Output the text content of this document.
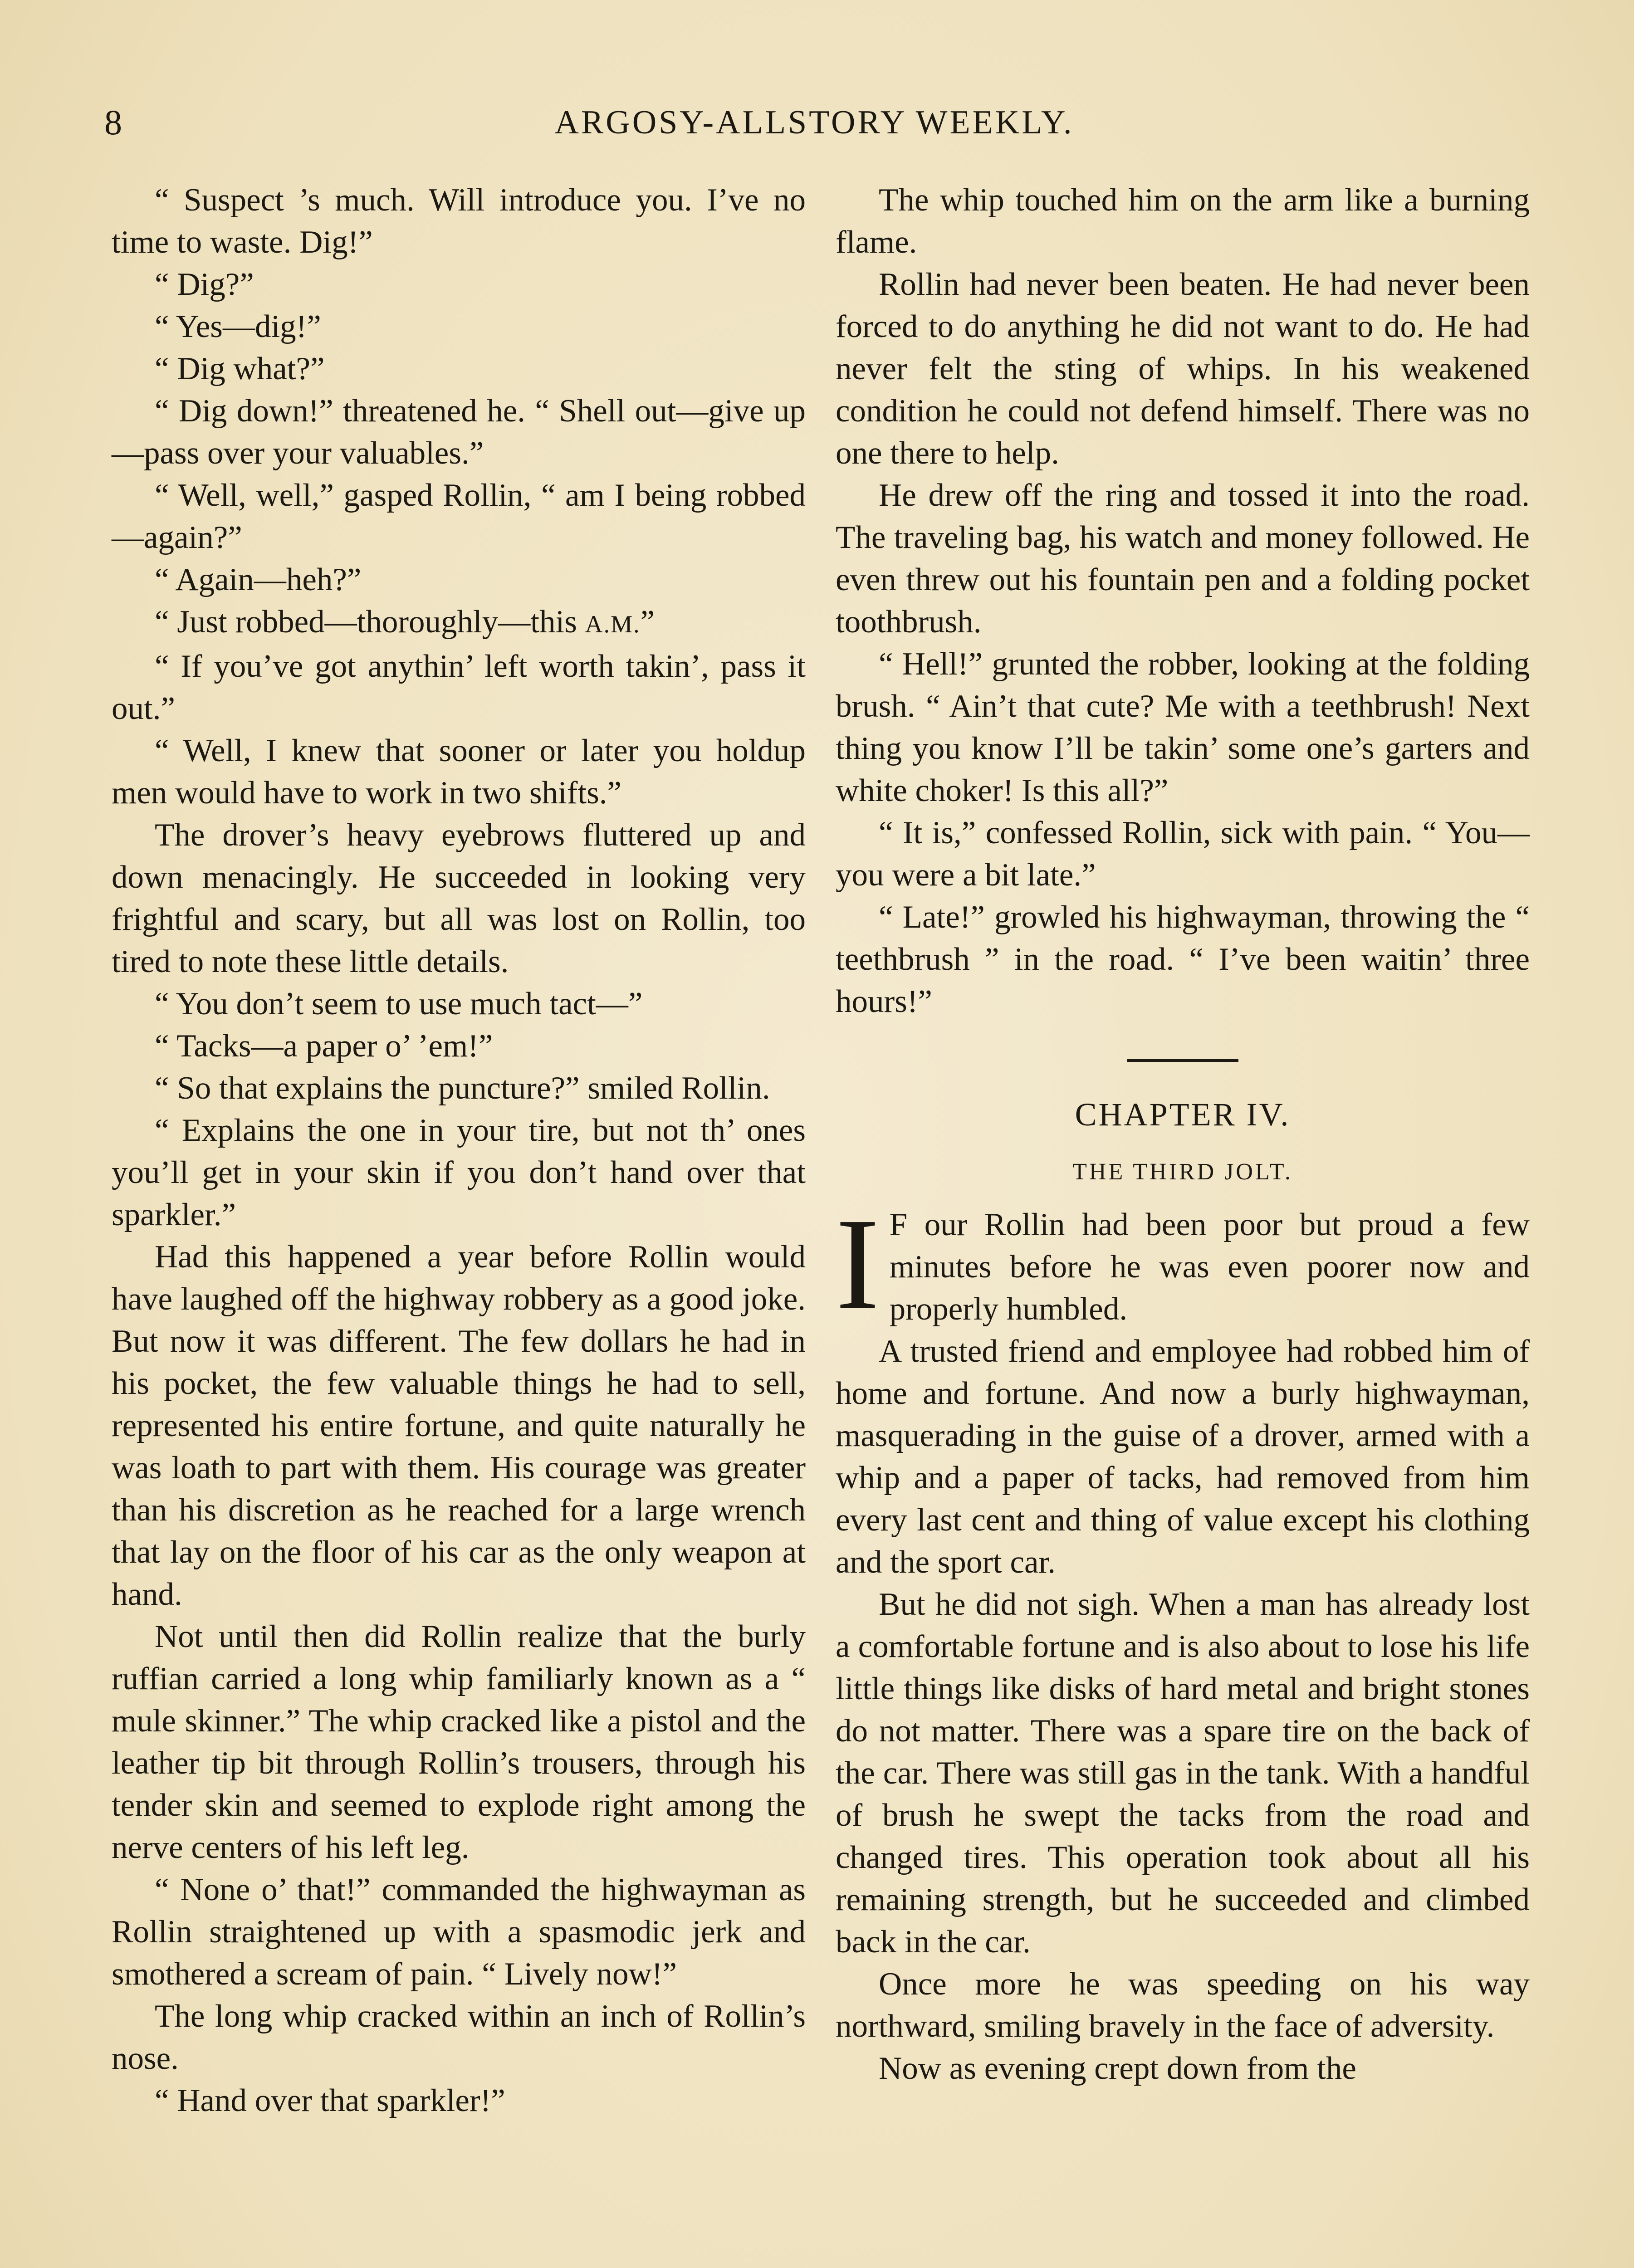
8	ARGOSY-ALLSTORY WEEKLY.

“ Suspect ’s much. Will introduce you. I’ve no time to waste. Dig!”

“ Dig?”

“ Yes—dig!”

“ Dig what?”

“ Dig down!” threatened he. “ Shell out—give up—pass over your valuables.”

“ Well, well,” gasped Rollin, “ am I being robbed—again?”

“ Again—heh?”

“ Just robbed—thoroughly—this A.M.”

“ If you’ve got anythin’ left worth takin’, pass it out.”

“ Well, I knew that sooner or later you holdup men would have to work in two shifts.”

The drover’s heavy eyebrows fluttered up and down menacingly. He succeeded in looking very frightful and scary, but all was lost on Rollin, too tired to note these little details.

“ You don’t seem to use much tact—”

“ Tacks—a paper o’ ’em!”

“ So that explains the puncture?” smiled Rollin.

“ Explains the one in your tire, but not th’ ones you’ll get in your skin if you don’t hand over that sparkler.”

Had this happened a year before Rollin would have laughed off the highway robbery as a good joke. But now it was different. The few dollars he had in his pocket, the few valuable things he had to sell, represented his entire fortune, and quite naturally he was loath to part with them. His courage was greater than his discretion as he reached for a large wrench that lay on the floor of his car as the only weapon at hand.

Not until then did Rollin realize that the burly ruffian carried a long whip familiarly known as a “ mule skinner.” The whip cracked like a pistol and the leather tip bit through Rollin’s trousers, through his tender skin and seemed to explode right among the nerve centers of his left leg.

“ None o’ that!” commanded the highwayman as Rollin straightened up with a spasmodic jerk and smothered a scream of pain. “ Lively now!”

The long whip cracked within an inch of Rollin’s nose.

“ Hand over that sparkler!”

The whip touched him on the arm like a burning flame.

Rollin had never been beaten. He had never been forced to do anything he did not want to do. He had never felt the sting of whips. In his weakened condition he could not defend himself. There was no one there to help.

He drew off the ring and tossed it into the road. The traveling bag, his watch and money followed. He even threw out his fountain pen and a folding pocket toothbrush.

“ Hell!” grunted the robber, looking at the folding brush. “ Ain’t that cute? Me with a teethbrush! Next thing you know I’ll be takin’ some one’s garters and white choker! Is this all?”

“ It is,” confessed Rollin, sick with pain. “ You—you were a bit late.”

“ Late!” growled his highwayman, throwing the “ teethbrush ” in the road. “ I’ve been waitin’ three hours!”

CHAPTER IV.
THE THIRD JOLT.

I F our Rollin had been poor but proud a few minutes before he was even poorer now and properly humbled.

A trusted friend and employee had robbed him of home and fortune. And now a burly highwayman, masquerading in the guise of a drover, armed with a whip and a paper of tacks, had removed from him every last cent and thing of value except his clothing and the sport car.

But he did not sigh. When a man has already lost a comfortable fortune and is also about to lose his life little things like disks of hard metal and bright stones do not matter. There was a spare tire on the back of the car. There was still gas in the tank. With a handful of brush he swept the tacks from the road and changed tires. This operation took about all his remaining strength, but he succeeded and climbed back in the car.

Once more he was speeding on his way northward, smiling bravely in the face of adversity.

Now as evening crept down from the
